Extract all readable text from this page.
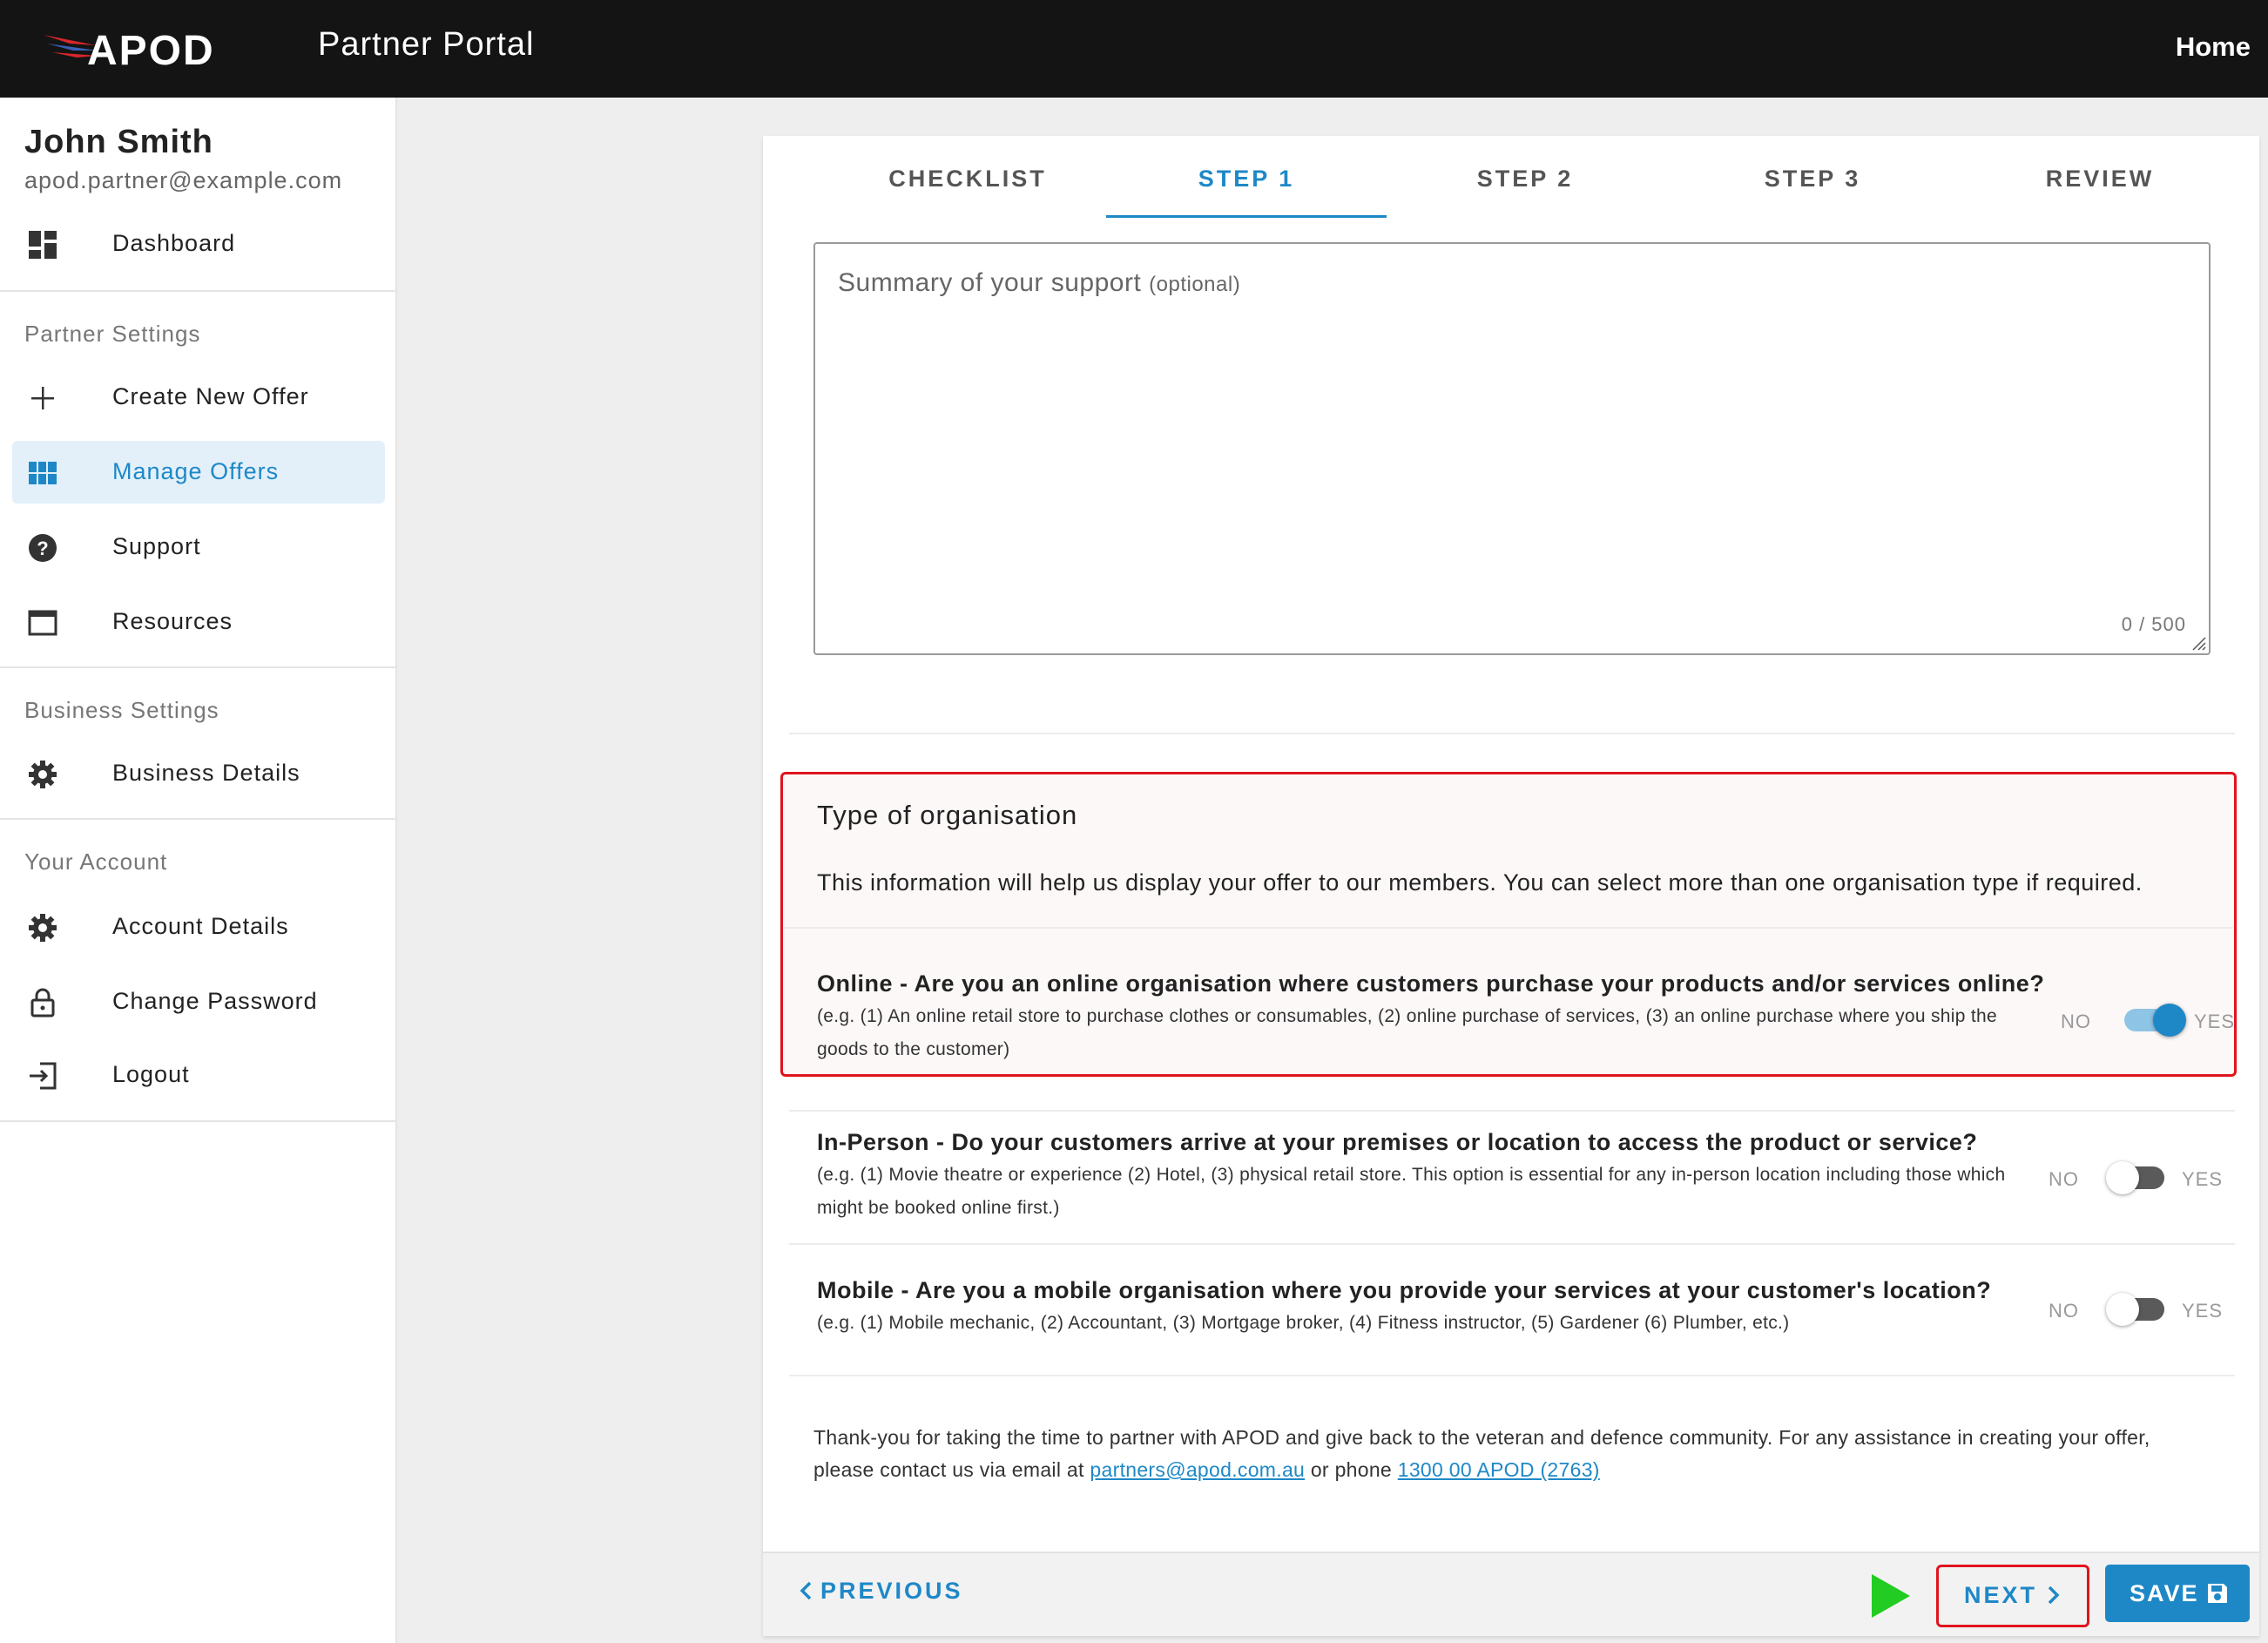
APOD	Partner Portal	Home
John Smith
apod.partner@example.com
Dashboard
Partner Settings
Create New Offer
Manage Offers
?	Support
Resources
Business Settings
Business Details
Your Account
Account Details
Change Password
Logout
CHECKLIST	STEP 1	STEP 2	STEP 3	REVIEW
Summary of your support (optional)
0 / 500
Type of organisation
This information will help us display your offer to our members. You can select more than one organisation type if required.
Online - Are you an online organisation where customers purchase your products and/or services online?
(e.g. (1) An online retail store to purchase clothes or consumables, (2) online purchase of services, (3) an online purchase where you ship the goods to the customer)
NO	YES
In-Person - Do your customers arrive at your premises or location to access the product or service?
(e.g. (1) Movie theatre or experience (2) Hotel, (3) physical retail store. This option is essential for any in-person location including those which might be booked online first.)
NO	YES
Mobile - Are you a mobile organisation where you provide your services at your customer's location?
(e.g. (1) Mobile mechanic, (2) Accountant, (3) Mortgage broker, (4) Fitness instructor, (5) Gardener (6) Plumber, etc.)
NO	YES
Thank-you for taking the time to partner with APOD and give back to the veteran and defence community. For any assistance in creating your offer, please contact us via email at partners@apod.com.au or phone 1300 00 APOD (2763)
PREVIOUS	NEXT	SAVE
